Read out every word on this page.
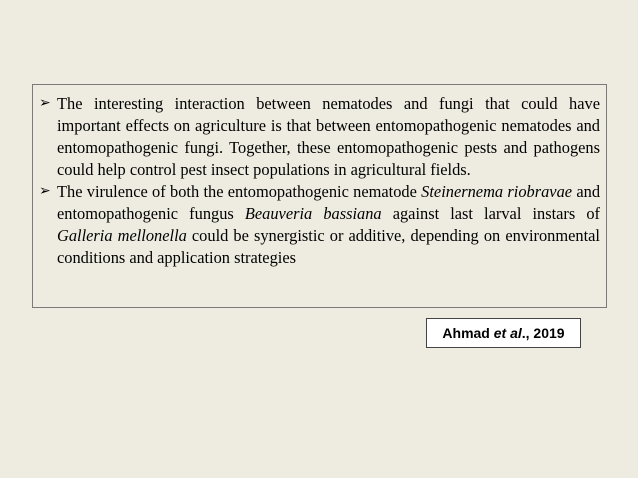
➢ The interesting interaction between nematodes and fungi that could have important effects on agriculture is that between entomopathogenic nematodes and entomopathogenic fungi. Together, these entomopathogenic pests and pathogens could help control pest insect populations in agricultural fields.
➢ The virulence of both the entomopathogenic nematode Steinernema riobravae and entomopathogenic fungus Beauveria bassiana against last larval instars of Galleria mellonella could be synergistic or additive, depending on environmental conditions and application strategies
Ahmad et al., 2019
